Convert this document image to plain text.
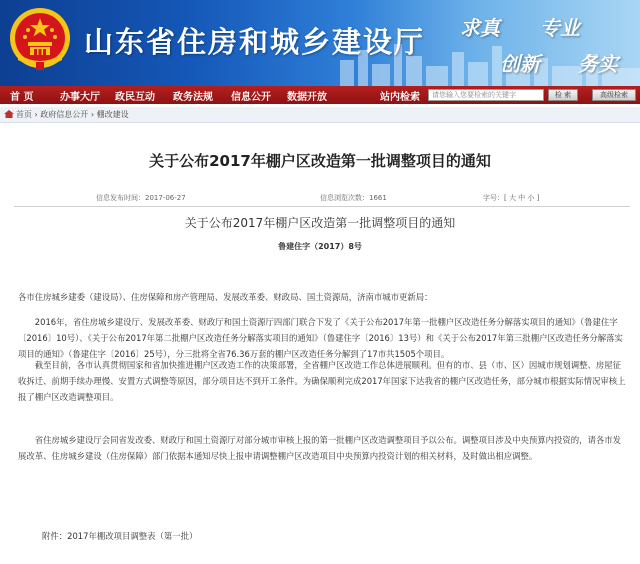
山东省住房和城乡建设厅 求真 专业
创新 务实
首 页	办事大厅 政民互动 政务法规 信息公开 数据开放	站内检索	请您输入您要检索的关键字	检 索	高级检索
首页 › 政府信息公开 › 棚改建设
关于公布2017年棚户区改造第一批调整项目的通知
信息发布时间：2017-06-27	信息浏览次数：1661	字号：[ 大 中 小 ]
关于公布2017年棚户区改造第一批调整项目的通知
鲁建住字（2017）8号
各市住房城乡建委（建设局）、住房保障和房产管理局、发展改革委、财政局、国土资源局，济南市城市更新局：
2016年，省住房城乡建设厅、发展改革委、财政厅和国土资源厅四部门联合下发了《关于公布2017年第一批棚户区改造任务分解落实项目的通知》（鲁建住字〔2016〕10号）、《关于公布2017年第二批棚户区改造任务分解落实项目的通知》（鲁建住字〔2016〕13号）和《关于公布2017年第三批棚户区改造任务分解落实项目的通知》（鲁建住字〔2016〕25号），分三批将全省76.36万套的棚户区改造任务分解到了17市共1505个项目。
截至目前，各市认真贯彻国家和省加快推进棚户区改造工作的决策部署，全省棚户区改造工作总体进展顺利。但有的市、县（市、区）因城市规划调整、房屋征收拆迁、前期手续办理慢、安置方式调整等原因，部分项目达不到开工条件。为确保顺利完成2017年国家下达我省的棚户区改造任务，部分城市根据实际情况审核上报了棚户区改造调整项目。
省住房城乡建设厅会同省发改委、财政厅和国土资源厅对部分城市审核上报的第一批棚户区改造调整项目予以公布。调整项目涉及中央预算内投资的，请各市发展改革、住房城乡建设（住房保障）部门依据本通知尽快上报申请调整棚户区改造项目中央预算内投资计划的相关材料，及时做出相应调整。
附件：2017年棚改项目调整表（第一批）
